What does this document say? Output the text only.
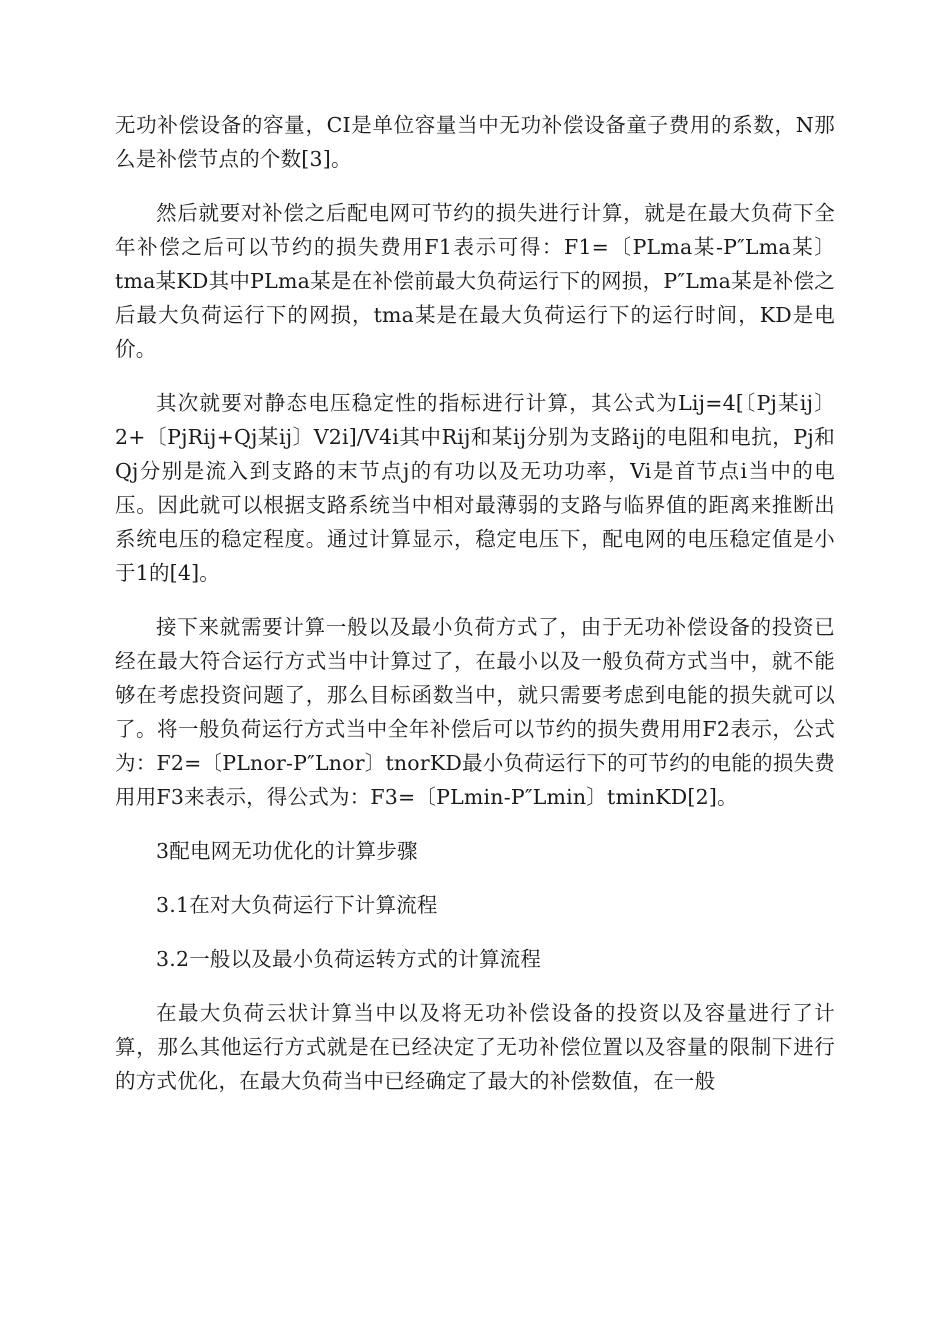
无功补偿设备的容量，CI是单位容量当中无功补偿设备童子费用的系数，N那么是补偿节点的个数[3]。

然后就要对补偿之后配电网可节约的损失进行计算，就是在最大负荷下全年补偿之后可以节约的损失费用F1表示可得：F1=〔PLma某-P″Lma某〕tma某KD其中PLma某是在补偿前最大负荷运行下的网损，P″Lma某是补偿之后最大负荷运行下的网损，tma某是在最大负荷运行下的运行时间，KD是电价。

其次就要对静态电压稳定性的指标进行计算，其公式为Lij=4[〔Pj某ij〕2+〔PjRij+Qj某ij〕V2i]/V4i其中Rij和某ij分别为支路ij的电阻和电抗，Pj和Qj分别是流入到支路的末节点j的有功以及无功功率，Vi是首节点i当中的电压。因此就可以根据支路系统当中相对最薄弱的支路与临界值的距离来推断出系统电压的稳定程度。通过计算显示，稳定电压下，配电网的电压稳定值是小于1的[4]。

接下来就需要计算一般以及最小负荷方式了，由于无功补偿设备的投资已经在最大符合运行方式当中计算过了，在最小以及一般负荷方式当中，就不能够在考虑投资问题了，那么目标函数当中，就只需要考虑到电能的损失就可以了。将一般负荷运行方式当中全年补偿后可以节约的损失费用用F2表示，公式为：F2=〔PLnor-P″Lnor〕tnorKD最小负荷运行下的可节约的电能的损失费用用F3来表示，得公式为：F3=〔PLmin-P″Lmin〕tminKD[2]。

3配电网无功优化的计算步骤

3.1在对大负荷运行下计算流程

3.2一般以及最小负荷运转方式的计算流程

在最大负荷云状计算当中以及将无功补偿设备的投资以及容量进行了计算，那么其他运行方式就是在已经决定了无功补偿位置以及容量的限制下进行的方式优化，在最大负荷当中已经确定了最大的补偿数值，在一般
